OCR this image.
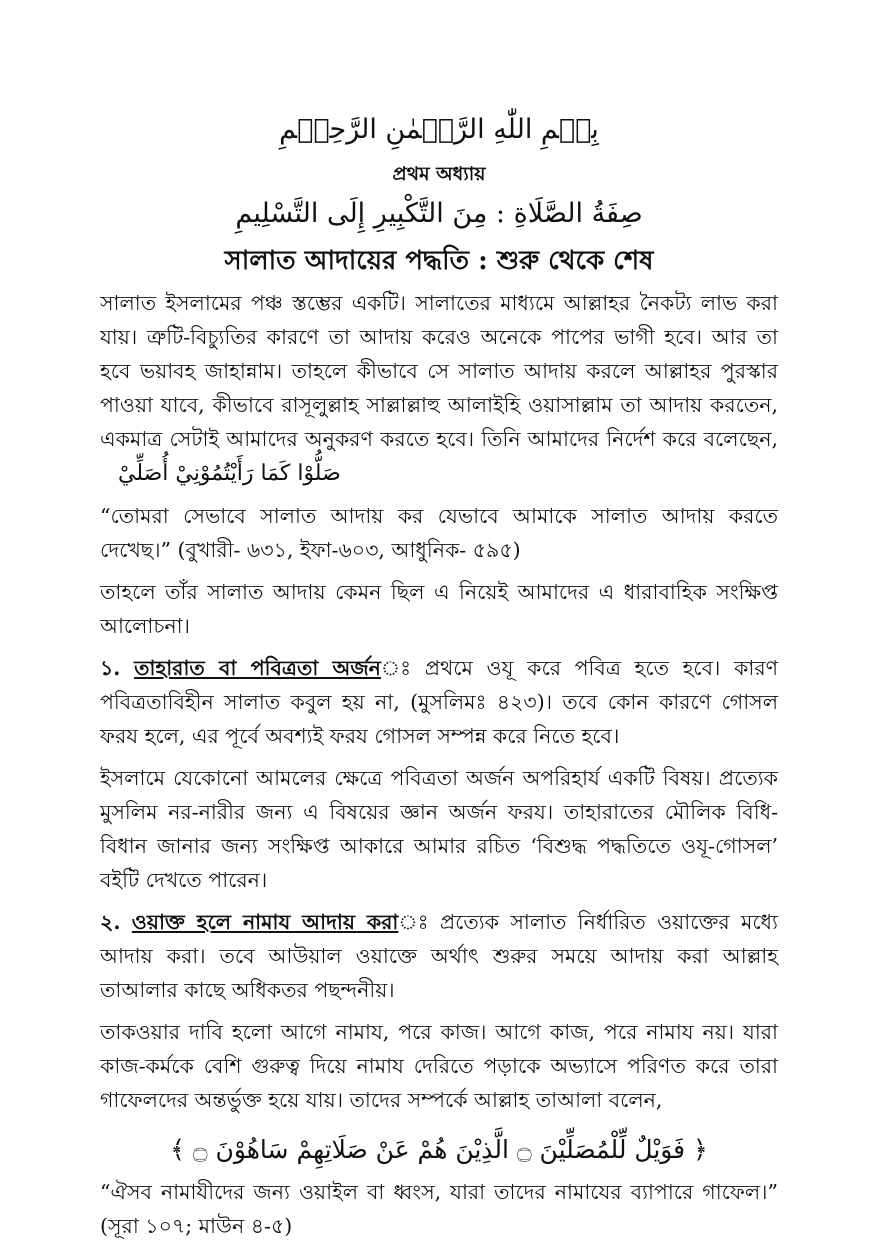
بِسۡمِ اللّٰهِ الرَّحۡمٰنِ الرَّحِيۡمِ
প্রথম অধ্যায়
صِفَةُ الصَّلَاةِ : مِنَ التَّكْبِيرِ إِلَى التَّسْلِيمِ
সালাত আদায়ের পদ্ধতি : শুরু থেকে শেষ

সালাত ইসলামের পঞ্চ স্তম্ভের একটি। সালাতের মাধ্যমে আল্লাহর নৈকট্য লাভ করা যায়। ত্রুটি-বিচ্যুতির কারণে তা আদায় করেও অনেকে পাপের ভাগী হবে। আর তা হবে ভয়াবহ জাহান্নাম। তাহলে কীভাবে সে সালাত আদায় করলে আল্লাহর পুরস্কার পাওয়া যাবে, কীভাবে রাসূলুল্লাহ সাল্লাল্লাহু আলাইহি ওয়াসাল্লাম তা আদায় করতেন, একমাত্র সেটাই আমাদের অনুকরণ করতে হবে। তিনি আমাদের নির্দেশ করে বলেছেন, صَلُّوْا كَمَا رَأَيْتُمُوْنِيْ أُصَلِّيْ

“তোমরা সেভাবে সালাত আদায় কর যেভাবে আমাকে সালাত আদায় করতে দেখেছ।” (বুখারী- ৬৩১, ইফা-৬০৩, আধুনিক- ৫৯৫)

তাহলে তাঁর সালাত আদায় কেমন ছিল এ নিয়েই আমাদের এ ধারাবাহিক সংক্ষিপ্ত আলোচনা।

১. তাহারাত বা পবিত্রতা অর্জনঃ প্রথমে ওযূ করে পবিত্র হতে হবে। কারণ পবিত্রতাবিহীন সালাত কবুল হয় না, (মুসলিমঃ ৪২৩)। তবে কোন কারণে গোসল ফরয হলে, এর পূর্বে অবশ্যই ফরয গোসল সম্পন্ন করে নিতে হবে।

ইসলামে যেকোনো আমলের ক্ষেত্রে পবিত্রতা অর্জন অপরিহার্য একটি বিষয়। প্রত্যেক মুসলিম নর-নারীর জন্য এ বিষয়ের জ্ঞান অর্জন ফরয। তাহারাতের মৌলিক বিধি-বিধান জানার জন্য সংক্ষিপ্ত আকারে আমার রচিত ‘বিশুদ্ধ পদ্ধতিতে ওযূ-গোসল’ বইটি দেখতে পারেন।

২. ওয়াক্ত হলে নামায আদায় করাঃ প্রত্যেক সালাত নির্ধারিত ওয়াক্তের মধ্যে আদায় করা। তবে আউয়াল ওয়াক্তে অর্থাৎ শুরুর সময়ে আদায় করা আল্লাহ তাআলার কাছে অধিকতর পছন্দনীয়।

তাকওয়ার দাবি হলো আগে নামায, পরে কাজ। আগে কাজ, পরে নামায নয়। যারা কাজ-কর্মকে বেশি গুরুত্ব দিয়ে নামায দেরিতে পড়াকে অভ্যাসে পরিণত করে তারা গাফেলদের অন্তর্ভুক্ত হয়ে যায়। তাদের সম্পর্কে আল্লাহ তাআলা বলেন,

﴿ فَوَيْلٌ لِّلْمُصَلِّيْنَ ۝ الَّذِيْنَ هُمْ عَنْ صَلَاتِهِمْ سَاهُوْنَ ۝ ﴾

“ঐসব নামাযীদের জন্য ওয়াইল বা ধ্বংস, যারা তাদের নামাযের ব্যাপারে গাফেল।” (সূরা ১০৭; মাউন ৪-৫)
